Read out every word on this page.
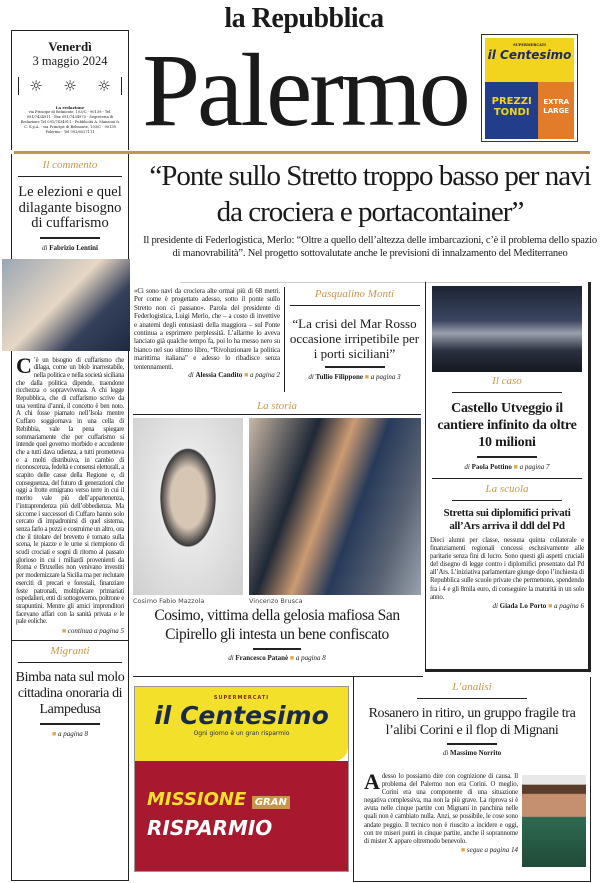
la Repubblica
Palermo
Venerdì
3 maggio 2024
☼ ☼ ☼
La redazione
via Principe di Belmonte, 103/C - 90139 - Tel. 091/7434911 - Fax 091/7434970 - Segreteria di Redazione Tel 091/7434911 - Pubblicità A. Manzoni & C. S.p.A. - via Principe di Belmonte, 103/C - 90139 Palermo - Tel 091/6027111
SUPERMERCATI
il Centesimo
PREZZI TONDI
EXTRA LARGE
Il commento
Le elezioni e quel dilagante bisogno di cuffarismo
di Fabrizio Lentini
C ’è un bisogno di cuffarismo che dilaga, come un blob inarrestabile, nella politica e nella società siciliana che dalla politica dipende, traendone ricchezza o sopravvivenza. A chi legge Repubblica, che di cuffarismo scrive da una ventina d’anni, il concetto è ben noto. A chi fosse piamato nell’Isola mentre Cuffaro soggiornava in una cella di Rebibbia, vale la pena spiegare sommariamente che per cuffarismo si intende quel governo morbido e accudente che a tutti dava udienza, a tutti prometteva e a molti distribuiva, in cambio di riconoscenza, fedeltà e consensi elettorali, a scapito delle casse della Regione e, di conseguenza, del futuro di generazioni che oggi a frotte emigrano verso terre in cui il merito vale più dell’appartenenza, l’intraprendenza più dell’obbedienza. Ma siccome i successori di Cuffaro hanno solo cercato di impadronirsi di quel sistema, senza farlo a pezzi e costruirne un altro, ora che il titolare del brevetto è tornato sulla scena, le piazze e le urne si riempiono di scudi crociati e sogni di ritorno al passato glorioso in cui i miliardi provenienti da Roma e Bruxelles non venivano investiti per modernizzare la Sicilia ma per reclutare eserciti di precari e forestali, finanziare feste patronali, moltiplicare primariati ospedalieri, enti di sottogoverno, poltrone e strapuntini. Mentre gli amici imprenditori facevano affari con la sanità privata e le pale eoliche.
■ continua a pagina 5
Migranti
Bimba nata sul molo cittadina onoraria di Lampedusa
■ a pagina 8
“Ponte sullo Stretto troppo basso per navi da crociera e portacontainer”
Il presidente di Federlogistica, Merlo: “Oltre a quello dell’altezza delle imbarcazioni, c’è il problema dello spazio di manovrabilità”. Nel progetto sottovalutate anche le previsioni di innalzamento del Mediterraneo
«Ci sono navi da crociera alte ormai più di 68 metri. Per come è progettato adesso, sotto il ponte sullo Stretto non ci passano». Parola del presidente di Federlogistica, Luigi Merlo, che – a costo di invettive e anatemi degli entusiasti della maggiora – sul Ponte continua a esprimere perplessità. L’allarme lo aveva lanciato già qualche tempo fa, poi lo ha messo nero su bianco nel suo ultimo libro, “Rivoluzionare la politica marittima italiana” e adesso lo ribadisce senza tentennamenti.
di Alessia Candito ■ a pagina 2
Pasqualino Monti
“La crisi del Mar Rosso occasione irripetibile per i porti siciliani”
di Tullio Filippone ■ a pagina 3	Il caso
Castello Utveggio il cantiere infinito da oltre 10 milioni
di Paola Pottino ■ a pagina 7
La scuola
Stretta sui diplomifici privati all’Ars arriva il ddl del Pd
Dieci alunni per classe, nessuna quinta collaterale e finanziamenti regionali concessi esclusivamente alle paritarie senza fini di lucro. Sono questi gli aspetti cruciali del disegno di legge contro i diplomifici presentato dal Pd all’Ars. L’iniziativa parlamentare giunge dopo l’inchiesta di Repubblica sulle scuole private che permettono, spendendo fra i 4 e gli 8mila euro, di conseguire la maturità in un solo anno.
di Giada Lo Porto ■ a pagina 6
La storia
Cosimo Fabio Mazzola	Vincenzo Brusca
Cosimo, vittima della gelosia mafiosa San Cipirello gli intesta un bene confiscato
di Francesco Patanè ■ a pagina 8
SUPERMERCATI
il Centesimo
Ogni giorno è un gran risparmio
MISSIONE GRAN
RISPARMIO
L’analisi
Rosanero in ritiro, un gruppo fragile tra l’alibi Corini e il flop di Mignani
di Massimo Norrito
Adesso lo possiamo dire con cognizione di causa. Il problema del Palermo non era Corini. O meglio, Corini era una componente di una situazione negativa complessiva, ma non la più grave. La riprova si è avuta nelle cinque partite con Mignani in panchina nelle quali non è cambiato nulla. Anzi, se possibile, le cose sono andate peggio. Il tecnico non è riuscito a incidere e oggi, con tre miseri punti in cinque partite, anche il soprannome di mister X appare oltremodo benevolo.
■ segue a pagina 14
